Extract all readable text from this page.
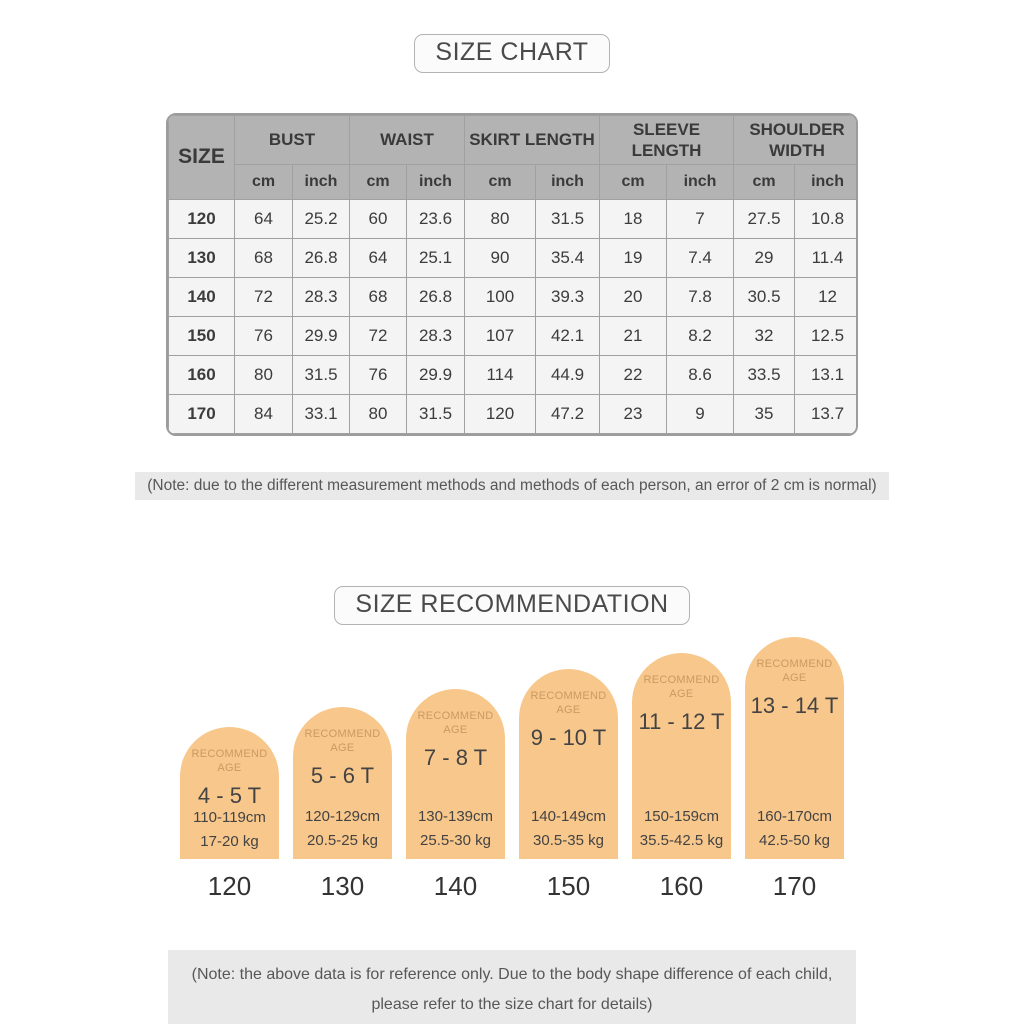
SIZE CHART
SIZE	BUST		WAIST		SKIRT LENGTH		SLEEVE LENGTH		SHOULDER WIDTH	
	cm	inch	cm	inch	cm	inch	cm	inch	cm	inch
120	64	25.2	60	23.6	80	31.5	18	7	27.5	10.8
130	68	26.8	64	25.1	90	35.4	19	7.4	29	11.4
140	72	28.3	68	26.8	100	39.3	20	7.8	30.5	12
150	76	29.9	72	28.3	107	42.1	21	8.2	32	12.5
160	80	31.5	76	29.9	114	44.9	22	8.6	33.5	13.1
170	84	33.1	80	31.5	120	47.2	23	9	35	13.7
(Note: due to the different measurement methods and methods of each person, an error of 2 cm is normal)
SIZE RECOMMENDATION
RECOMMEND AGE
4 - 5 T
110-119cm
17-20 kg
120
RECOMMEND AGE
5 - 6 T
120-129cm
20.5-25 kg
130
RECOMMEND AGE
7 - 8 T
130-139cm
25.5-30 kg
140
RECOMMEND AGE
9 - 10 T
140-149cm
30.5-35 kg
150
RECOMMEND AGE
11 - 12 T
150-159cm
35.5-42.5 kg
160
RECOMMEND AGE
13 - 14 T
160-170cm
42.5-50 kg
170
(Note: the above data is for reference only. Due to the body shape difference of each child,
please refer to the size chart for details)
